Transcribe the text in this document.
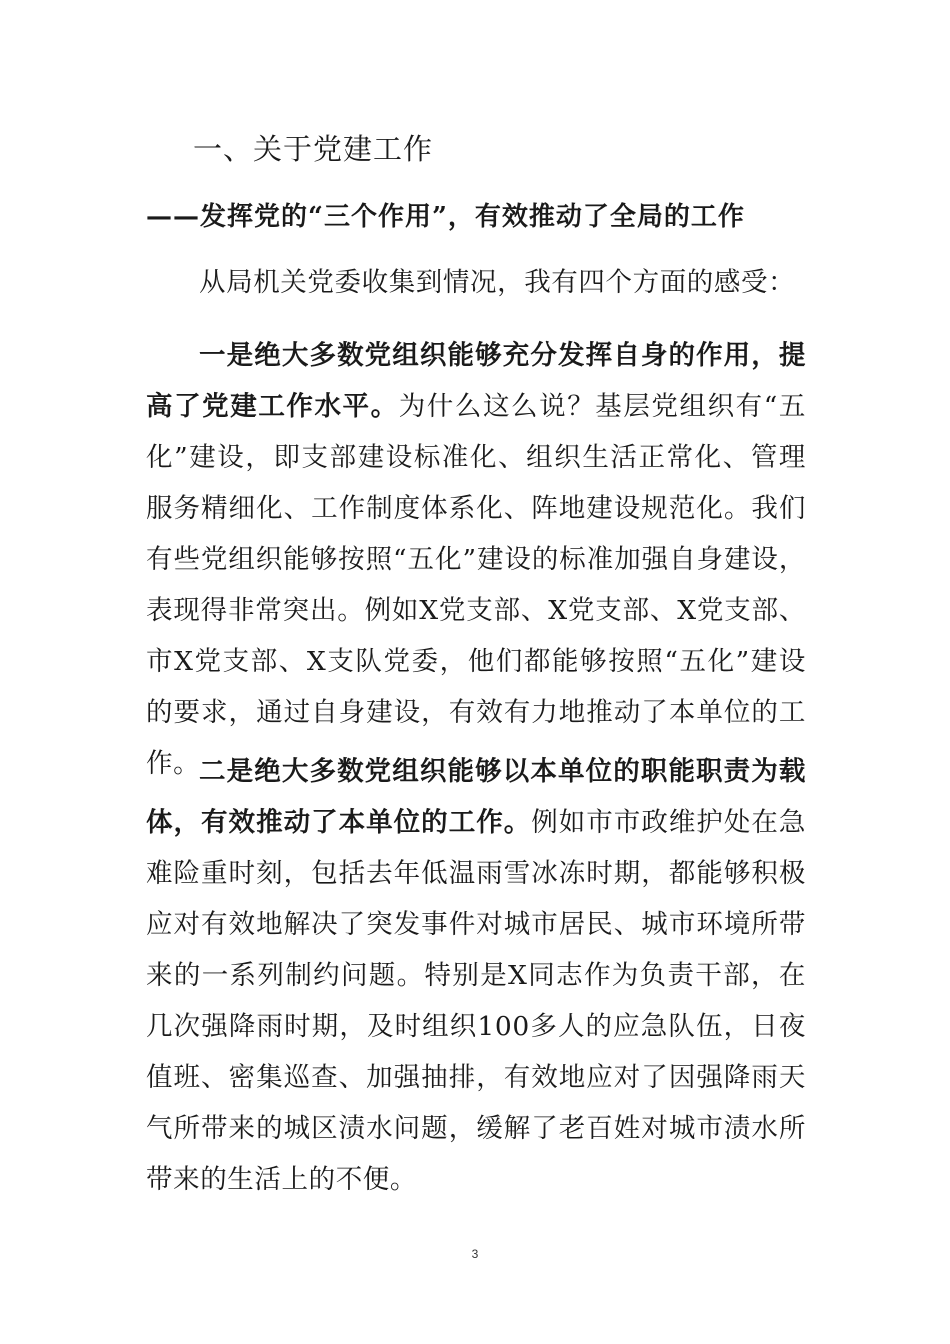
一、关于党建工作
——发挥党的“三个作用”，有效推动了全局的工作

从局机关党委收集到情况，我有四个方面的感受：

一是绝大多数党组织能够充分发挥自身的作用，提高了党建工作水平。为什么这么说？基层党组织有“五化”建设，即支部建设标准化、组织生活正常化、管理服务精细化、工作制度体系化、阵地建设规范化。我们有些党组织能够按照“五化”建设的标准加强自身建设，表现得非常突出。例如X党支部、X党支部、X党支部、市X党支部、X支队党委，他们都能够按照“五化”建设的要求，通过自身建设，有效有力地推动了本单位的工作。

二是绝大多数党组织能够以本单位的职能职责为载体，有效推动了本单位的工作。例如市市政维护处在急难险重时刻，包括去年低温雨雪冰冻时期，都能够积极应对有效地解决了突发事件对城市居民、城市环境所带来的一系列制约问题。特别是X同志作为负责干部，在几次强降雨时期，及时组织100多人的应急队伍，日夜值班、密集巡查、加强抽排，有效地应对了因强降雨天气所带来的城区渍水问题，缓解了老百姓对城市渍水所带来的生活上的不便。

3
